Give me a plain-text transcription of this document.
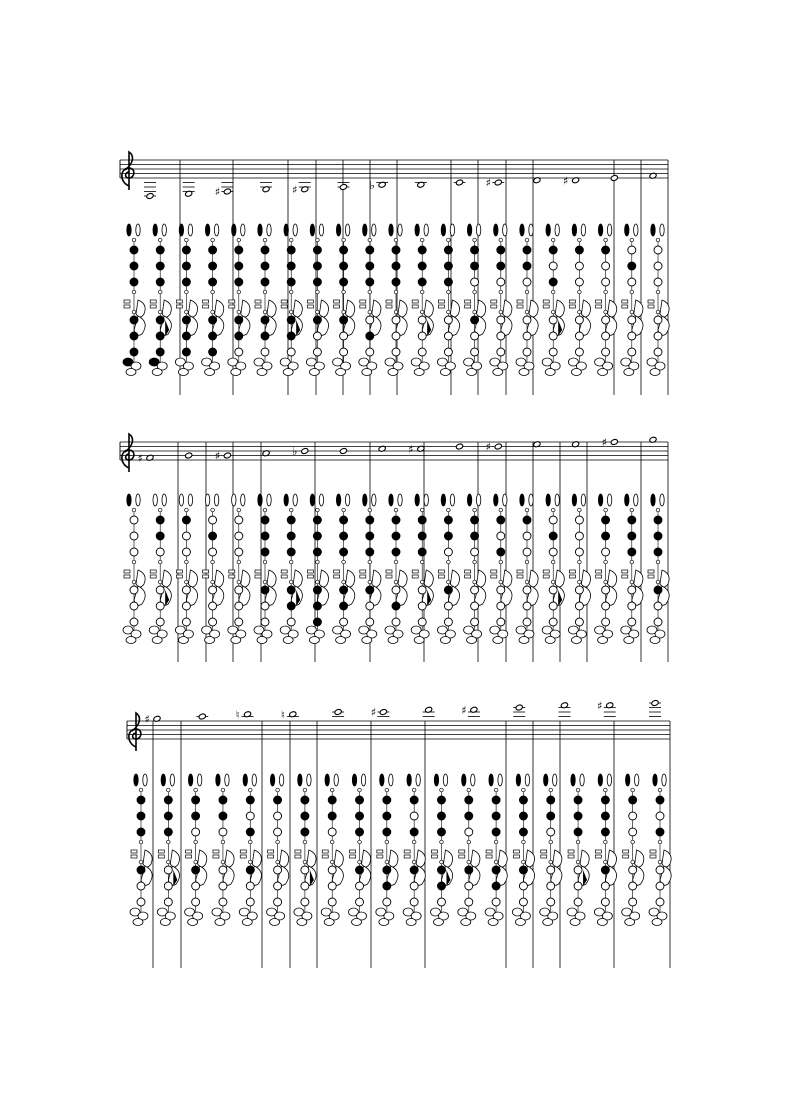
♯	♯	♭	♯	♯
♯	♯	♭	♯	♯	♯
♯	♮	♮	♯	♯	♯
